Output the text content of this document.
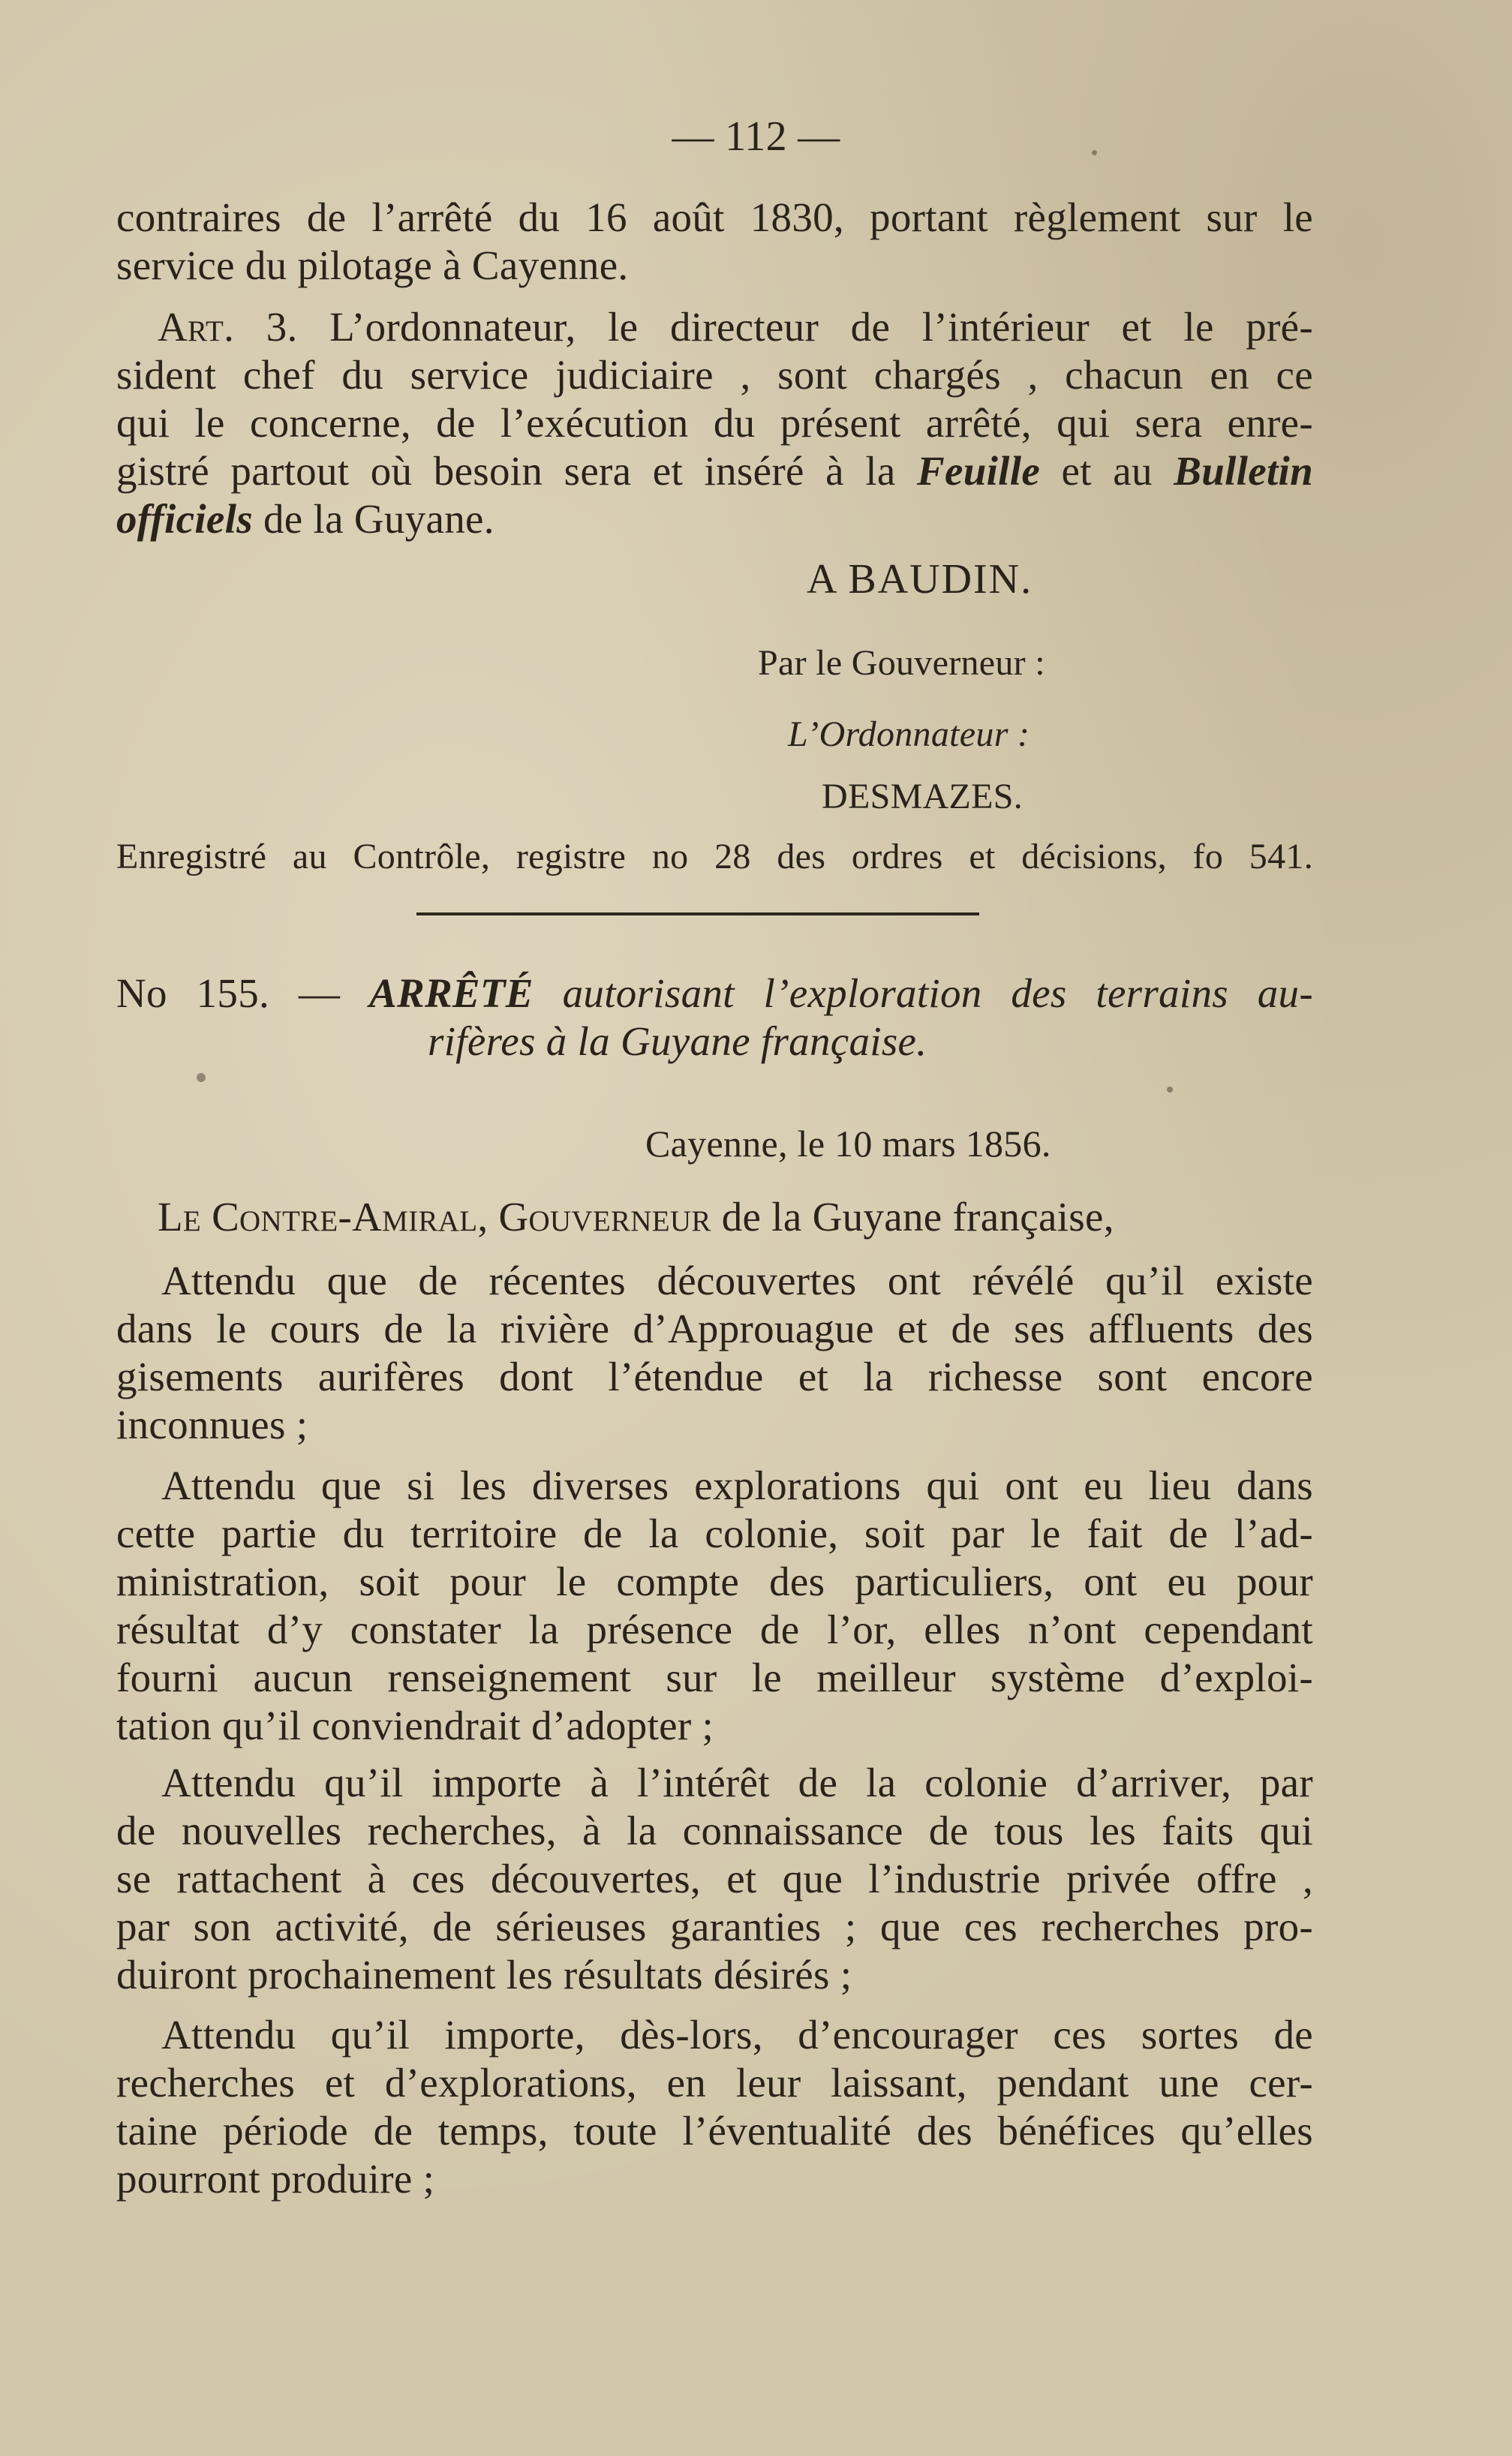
— 112 —
contraires de l’arrêté du 16 août 1830, portant règlement sur le
service du pilotage à Cayenne.
Art. 3. L’ordonnateur, le directeur de l’intérieur et le pré-
sident chef du service judiciaire , sont chargés , chacun en ce
qui le concerne, de l’exécution du présent arrêté, qui sera enre-
gistré partout où besoin sera et inséré à la Feuille et au Bulletin
officiels de la Guyane.
A BAUDIN.
Par le Gouverneur :
L’Ordonnateur :
DESMAZES.
Enregistré au Contrôle, registre no 28 des ordres et décisions, fo 541.
No 155. — ARRÊTÉ autorisant l’exploration des terrains au-
rifères à la Guyane française.
Cayenne, le 10 mars 1856.
Le Contre-Amiral, Gouverneur de la Guyane française,
Attendu que de récentes découvertes ont révélé qu’il existe
dans le cours de la rivière d’Approuague et de ses affluents des
gisements aurifères dont l’étendue et la richesse sont encore
inconnues ;
Attendu que si les diverses explorations qui ont eu lieu dans
cette partie du territoire de la colonie, soit par le fait de l’ad-
ministration, soit pour le compte des particuliers, ont eu pour
résultat d’y constater la présence de l’or, elles n’ont cependant
fourni aucun renseignement sur le meilleur système d’exploi-
tation qu’il conviendrait d’adopter ;
Attendu qu’il importe à l’intérêt de la colonie d’arriver, par
de nouvelles recherches, à la connaissance de tous les faits qui
se rattachent à ces découvertes, et que l’industrie privée offre ,
par son activité, de sérieuses garanties ; que ces recherches pro-
duiront prochainement les résultats désirés ;
Attendu qu’il importe, dès-lors, d’encourager ces sortes de
recherches et d’explorations, en leur laissant, pendant une cer-
taine période de temps, toute l’éventualité des bénéfices qu’elles
pourront produire ;
